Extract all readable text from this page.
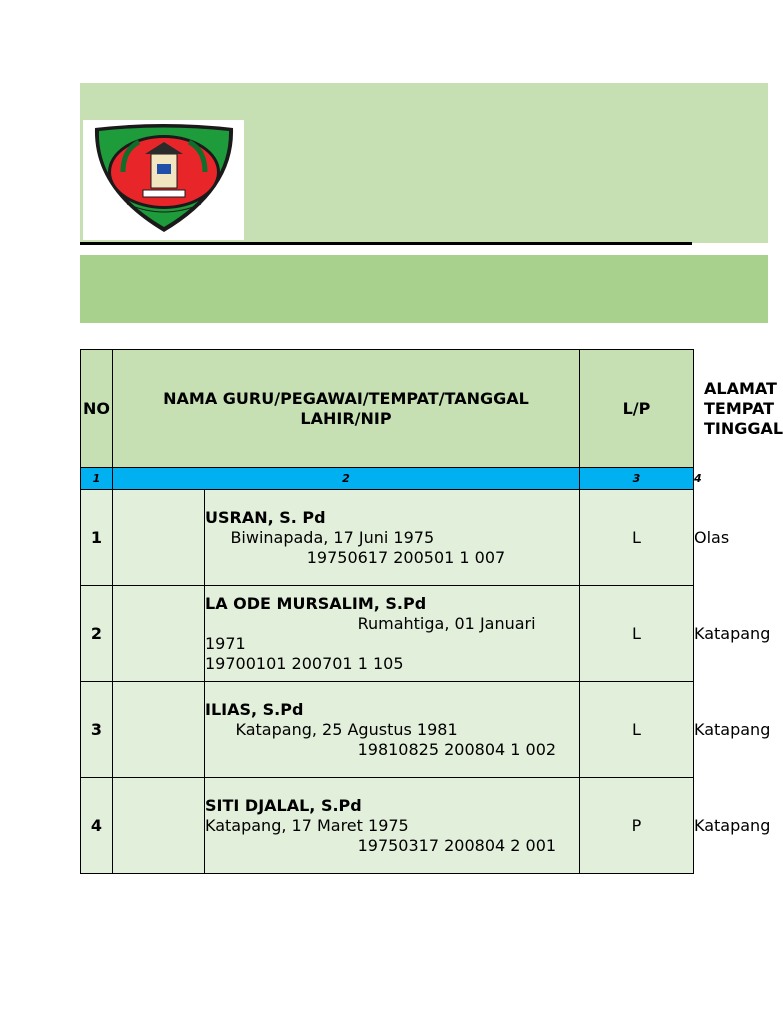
NO	NAMA GURU/PEGAWAI/TEMPAT/TANGGAL LAHIR/NIP		L/P	ALAMAT TEMPAT TINGGAL

1	2		3	4
1		USRAN, S. Pd
Biwinapada, 17 Juni 1975
19750617 200501 1 007	L	Olas
2		LA ODE MURSALIM, S.Pd
Rumahtiga, 01 Januari 1971
19700101 200701 1 105	L	Katapang
3		ILIAS, S.Pd
Katapang, 25 Agustus 1981
19810825 200804 1 002	L	Katapang
4		SITI DJALAL, S.Pd
Katapang, 17 Maret 1975
19750317 200804 2 001	P	Katapang
